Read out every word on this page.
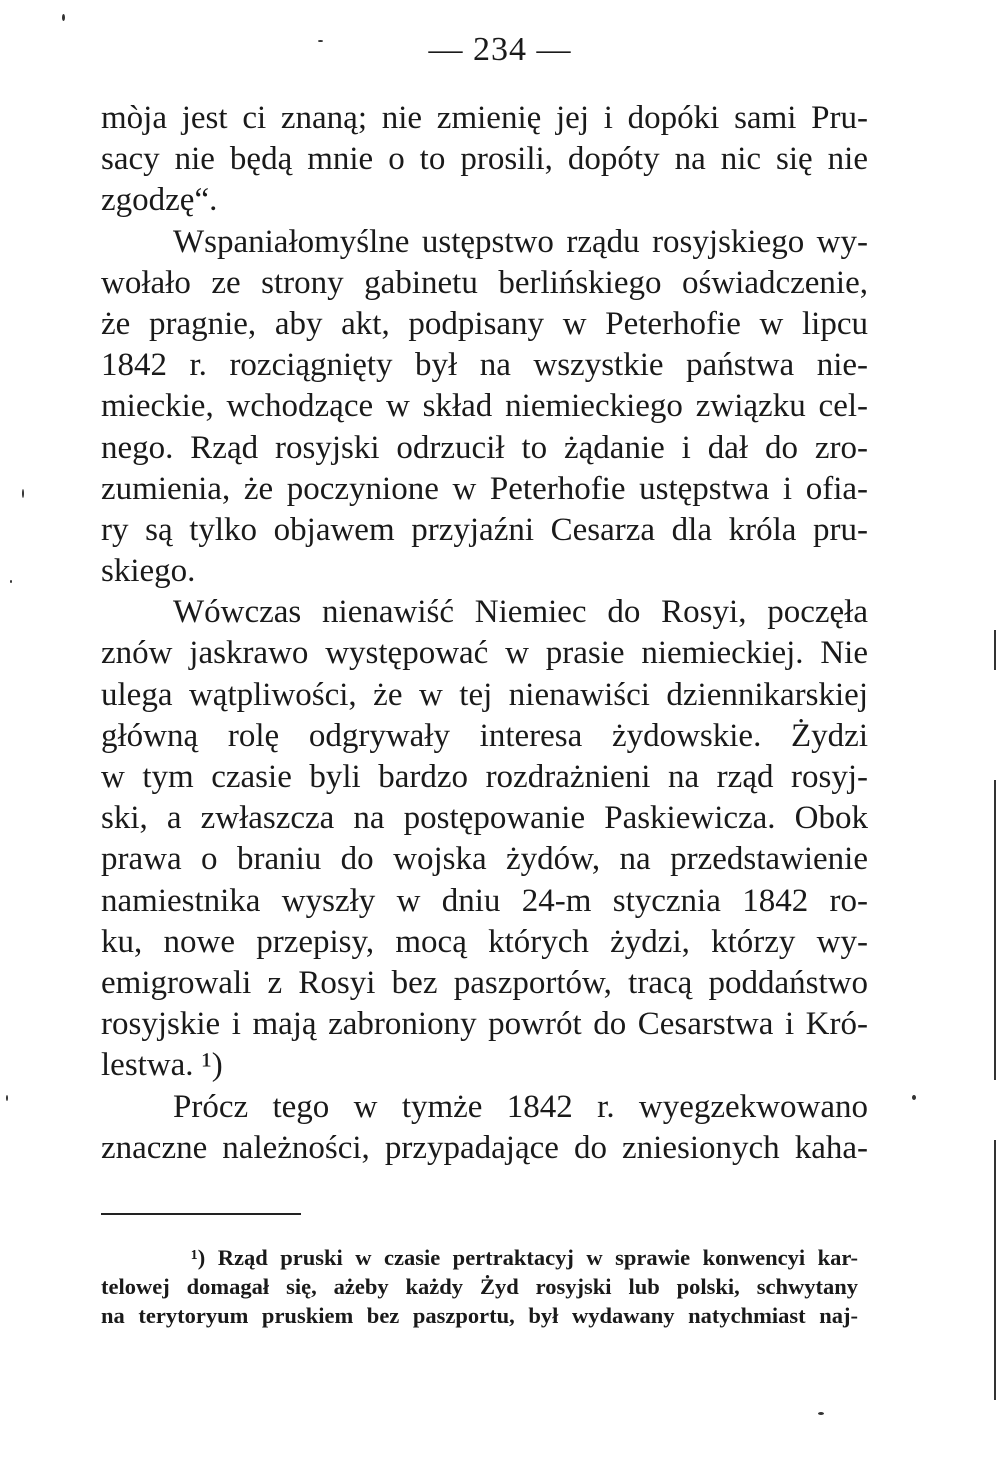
— 234 —
mòja jest ci znaną; nie zmienię jej i dopóki sami Pru-
sacy nie będą mnie o to prosili, dopóty na nic się nie
zgodzę“.
Wspaniałomyślne ustępstwo rządu rosyjskiego wy-
wołało ze strony gabinetu berlińskiego oświadczenie,
że pragnie, aby akt, podpisany w Peterhofie w lipcu
1842 r. rozciągnięty był na wszystkie państwa nie-
mieckie, wchodzące w skład niemieckiego związku cel-
nego. Rząd rosyjski odrzucił to żądanie i dał do zro-
zumienia, że poczynione w Peterhofie ustępstwa i ofia-
ry są tylko objawem przyjaźni Cesarza dla króla pru-
skiego.
Wówczas nienawiść Niemiec do Rosyi, poczęła
znów jaskrawo występować w prasie niemieckiej. Nie
ulega wątpliwości, że w tej nienawiści dziennikarskiej
główną rolę odgrywały interesa żydowskie. Żydzi
w tym czasie byli bardzo rozdrażnieni na rząd rosyj-
ski, a zwłaszcza na postępowanie Paskiewicza. Obok
prawa o braniu do wojska żydów, na przedstawienie
namiestnika wyszły w dniu 24-m stycznia 1842 ro-
ku, nowe przepisy, mocą których żydzi, którzy wy-
emigrowali z Rosyi bez paszportów, tracą poddaństwo
rosyjskie i mają zabroniony powrót do Cesarstwa i Kró-
lestwa. ¹)
Prócz tego w tymże 1842 r. wyegzekwowano
znaczne należności, przypadające do zniesionych kaha-
¹) Rząd pruski w czasie pertraktacyj w sprawie konwencyi kar-
telowej domagał się, ażeby każdy Żyd rosyjski lub polski, schwytany
na terytoryum pruskiem bez paszportu, był wydawany natychmiast naj-
